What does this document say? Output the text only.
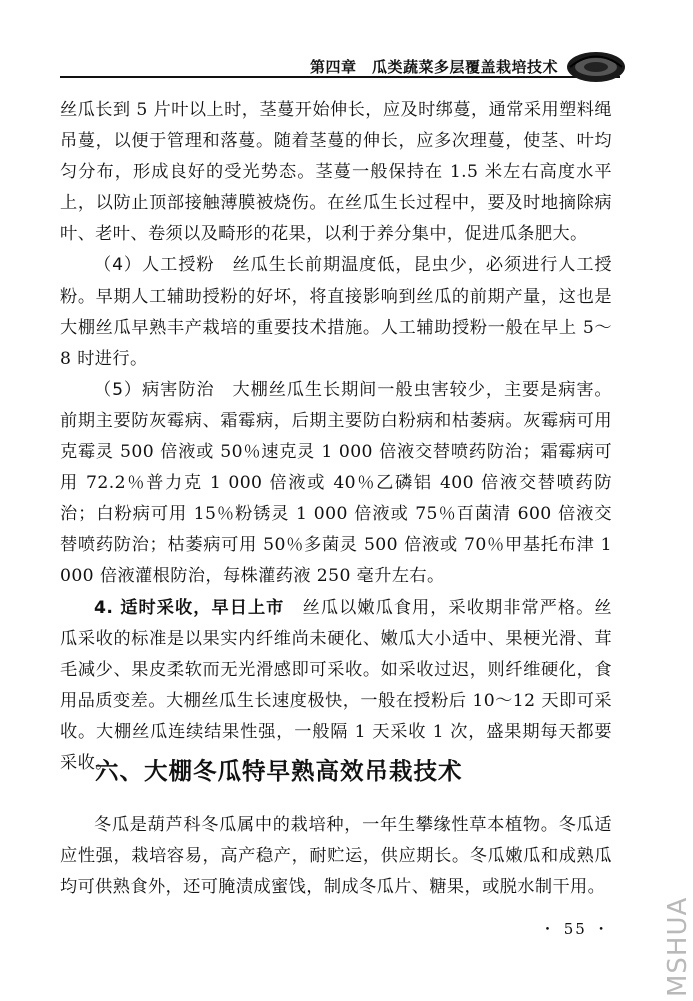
第四章　瓜类蔬菜多层覆盖栽培技术

丝瓜长到 5 片叶以上时，茎蔓开始伸长，应及时绑蔓，通常采用塑料绳吊蔓，以便于管理和落蔓。随着茎蔓的伸长，应多次理蔓，使茎、叶均匀分布，形成良好的受光势态。茎蔓一般保持在 1.5 米左右高度水平上，以防止顶部接触薄膜被烧伤。在丝瓜生长过程中，要及时地摘除病叶、老叶、卷须以及畸形的花果，以利于养分集中，促进瓜条肥大。

（4）人工授粉　丝瓜生长前期温度低，昆虫少，必须进行人工授粉。早期人工辅助授粉的好坏，将直接影响到丝瓜的前期产量，这也是大棚丝瓜早熟丰产栽培的重要技术措施。人工辅助授粉一般在早上 5～8 时进行。

（5）病害防治　大棚丝瓜生长期间一般虫害较少，主要是病害。前期主要防灰霉病、霜霉病，后期主要防白粉病和枯萎病。灰霉病可用克霉灵 500 倍液或 50％速克灵 1 000 倍液交替喷药防治；霜霉病可用 72.2％普力克 1 000 倍液或 40％乙磷铝 400 倍液交替喷药防治；白粉病可用 15％粉锈灵 1 000 倍液或 75％百菌清 600 倍液交替喷药防治；枯萎病可用 50％多菌灵 500 倍液或 70％甲基托布津 1 000 倍液灌根防治，每株灌药液 250 毫升左右。

4. 适时采收，早日上市　丝瓜以嫩瓜食用，采收期非常严格。丝瓜采收的标准是以果实内纤维尚未硬化、嫩瓜大小适中、果梗光滑、茸毛减少、果皮柔软而无光滑感即可采收。如采收过迟，则纤维硬化，食用品质变差。大棚丝瓜生长速度极快，一般在授粉后 10～12 天即可采收。大棚丝瓜连续结果性强，一般隔 1 天采收 1 次，盛果期每天都要采收。

六、大棚冬瓜特早熟高效吊栽技术

冬瓜是葫芦科冬瓜属中的栽培种，一年生攀缘性草本植物。冬瓜适应性强，栽培容易，高产稳产，耐贮运，供应期长。冬瓜嫩瓜和成熟瓜均可供熟食外，还可腌渍成蜜饯，制成冬瓜片、糖果，或脱水制干用。

・ 55 ・ MSHUA
